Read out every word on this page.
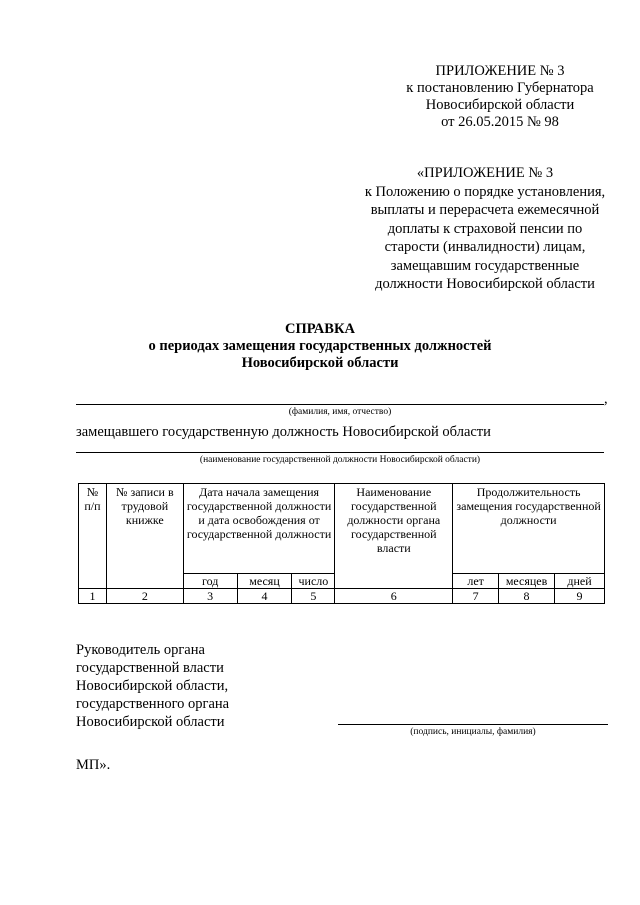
ПРИЛОЖЕНИЕ № 3
к постановлению Губернатора
Новосибирской области
от 26.05.2015 № 98
«ПРИЛОЖЕНИЕ № 3
к Положению о порядке установления,
выплаты и перерасчета ежемесячной
доплаты к страховой пенсии по
старости (инвалидности) лицам,
замещавшим государственные
должности Новосибирской области
СПРАВКА
о периодах замещения государственных должностей
Новосибирской области
,
(фамилия, имя, отчество)
замещавшего государственную должность Новосибирской области
(наименование государственной должности Новосибирской области)
№ п/п	№ записи в трудовой книжке	Дата начала замещения государственной должности и дата освобождения от государственной должности			Наименование государственной должности органа государственной власти	Продолжительность замещения государственной должности		
		год	месяц	число		лет	месяцев	дней
1	2	3	4	5	6	7	8	9
Руководитель органа
государственной власти
Новосибирской области,
государственного органа
Новосибирской области
(подпись, инициалы, фамилия)
МП».
